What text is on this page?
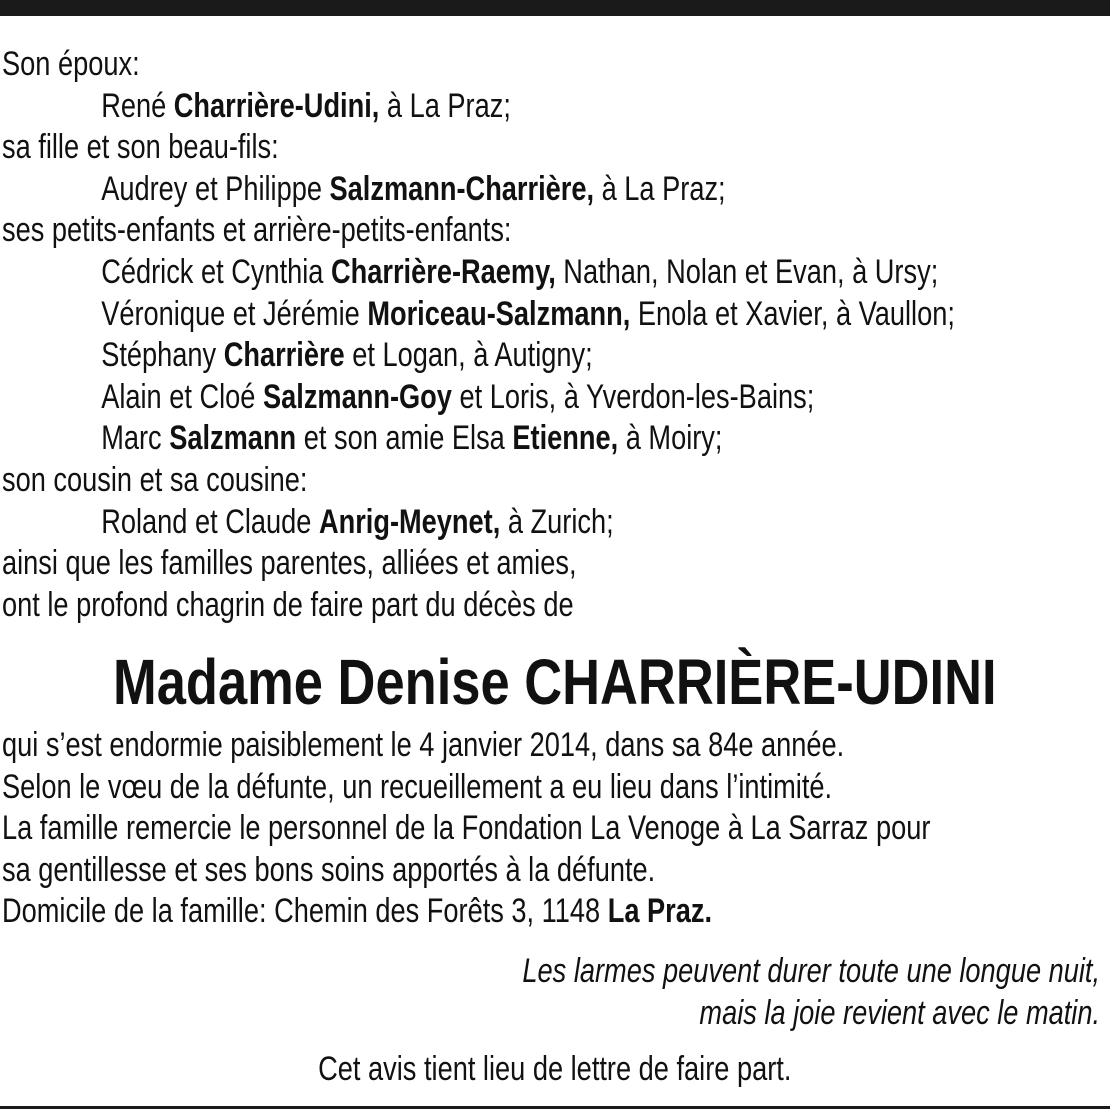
Son époux:
René Charrière-Udini, à La Praz;
sa fille et son beau-fils:
Audrey et Philippe Salzmann-Charrière, à La Praz;
ses petits-enfants et arrière-petits-enfants:
Cédrick et Cynthia Charrière-Raemy, Nathan, Nolan et Evan, à Ursy;
Véronique et Jérémie Moriceau-Salzmann, Enola et Xavier, à Vaullon;
Stéphany Charrière et Logan, à Autigny;
Alain et Cloé Salzmann-Goy et Loris, à Yverdon-les-Bains;
Marc Salzmann et son amie Elsa Etienne, à Moiry;
son cousin et sa cousine:
Roland et Claude Anrig-Meynet, à Zurich;
ainsi que les familles parentes, alliées et amies,
ont le profond chagrin de faire part du décès de
Madame Denise CHARRIÈRE-UDINI
qui s’est endormie paisiblement le 4 janvier 2014, dans sa 84e année.
Selon le vœu de la défunte, un recueillement a eu lieu dans l’intimité.
La famille remercie le personnel de la Fondation La Venoge à La Sarraz pour
sa gentillesse et ses bons soins apportés à la défunte.
Domicile de la famille: Chemin des Forêts 3, 1148 La Praz.
Les larmes peuvent durer toute une longue nuit,
mais la joie revient avec le matin.
Cet avis tient lieu de lettre de faire part.
